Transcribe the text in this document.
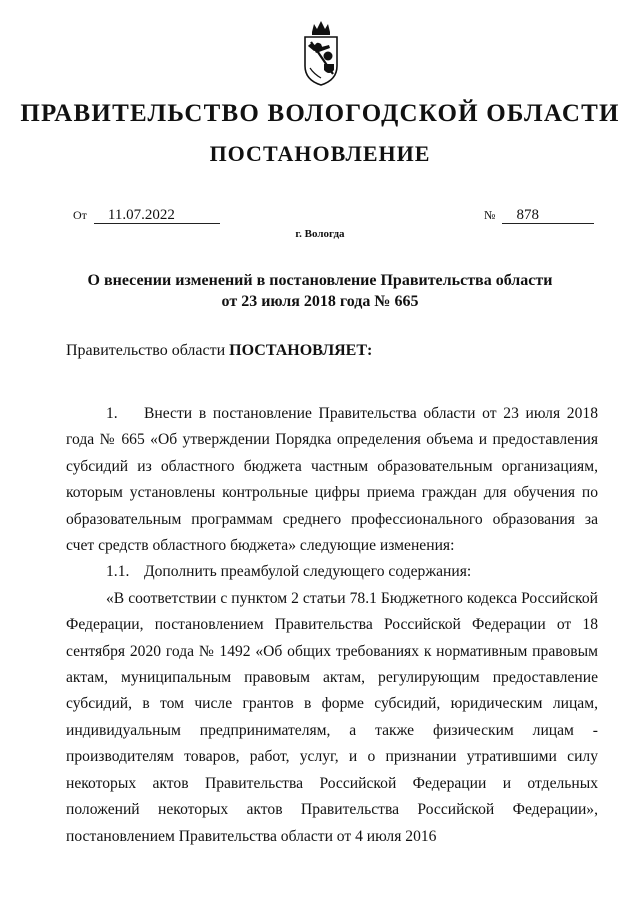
ПРАВИТЕЛЬСТВО ВОЛОГОДСКОЙ ОБЛАСТИ
ПОСТАНОВЛЕНИЕ
От 11.07.2022	№ 878
г. Вологда
О внесении изменений в постановление Правительства области
от 23 июля 2018 года № 665
Правительство области ПОСТАНОВЛЯЕТ:

1. Внести в постановление Правительства области от 23 июля 2018 года № 665 «Об утверждении Порядка определения объема и предоставления субсидий из областного бюджета частным образовательным организациям, которым установлены контрольные цифры приема граждан для обучения по образовательным программам среднего профессионального образования за счет средств областного бюджета» следующие изменения:

1.1. Дополнить преамбулой следующего содержания:

«В соответствии с пунктом 2 статьи 78.1 Бюджетного кодекса Российской Федерации, постановлением Правительства Российской Федерации от 18 сентября 2020 года № 1492 «Об общих требованиях к нормативным правовым актам, муниципальным правовым актам, регулирующим предоставление субсидий, в том числе грантов в форме субсидий, юридическим лицам, индивидуальным предпринимателям, а также физическим лицам - производителям товаров, работ, услуг, и о признании утратившими силу некоторых актов Правительства Российской Федерации и отдельных положений некоторых актов Правительства Российской Федерации», постановлением Правительства области от 4 июля 2016
